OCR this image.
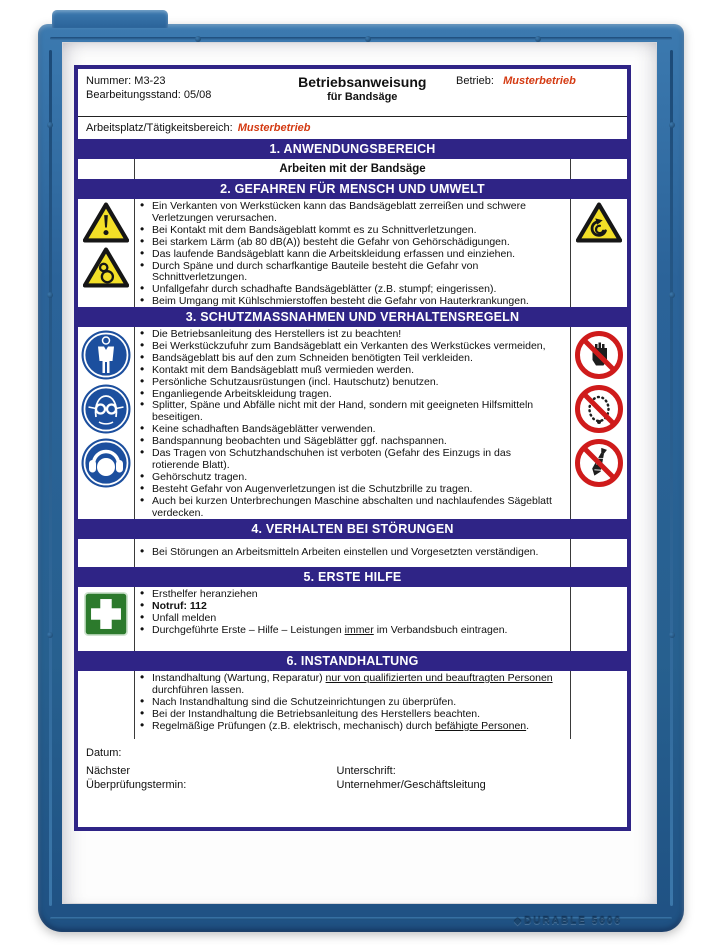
◆ DURABLE 5606
Nummer: M3-23
Bearbeitungsstand: 05/08
Betriebsanweisung
für Bandsäge
Betrieb: Musterbetrieb
Arbeitsplatz/Tätigkeitsbereich: Musterbetrieb
1. ANWENDUNGSBEREICH
Arbeiten mit der Bandsäge
2. GEFAHREN FÜR MENSCH UND UMWELT
• Ein Verkanten von Werkstücken kann das Bandsägeblatt zerreißen und schwere Verletzungen verursachen.
• Bei Kontakt mit dem Bandsägeblatt kommt es zu Schnittverletzungen.
• Bei starkem Lärm (ab 80 dB(A)) besteht die Gefahr von Gehörschädigungen.
• Das laufende Bandsägeblatt kann die Arbeitskleidung erfassen und einziehen.
• Durch Späne und durch scharfkantige Bauteile besteht die Gefahr von Schnittverletzungen.
• Unfallgefahr durch schadhafte Bandsägeblätter (z.B. stumpf; eingerissen).
• Beim Umgang mit Kühlschmierstoffen besteht die Gefahr von Hauterkrankungen.
3. SCHUTZMASSNAHMEN UND VERHALTENSREGELN
• Die Betriebsanleitung des Herstellers ist zu beachten!
• Bei Werkstückzufuhr zum Bandsägeblatt ein Verkanten des Werkstückes vermeiden,
• Bandsägeblatt bis auf den zum Schneiden benötigten Teil verkleiden.
• Kontakt mit dem Bandsägeblatt muß vermieden werden.
• Persönliche Schutzausrüstungen (incl. Hautschutz) benutzen.
• Enganliegende Arbeitskleidung tragen.
• Splitter, Späne und Abfälle nicht mit der Hand, sondern mit geeigneten Hilfsmitteln beseitigen.
• Keine schadhaften Bandsägeblätter verwenden.
• Bandspannung beobachten und Sägeblätter ggf. nachspannen.
• Das Tragen von Schutzhandschuhen ist verboten (Gefahr des Einzugs in das rotierende Blatt).
• Gehörschutz tragen.
• Besteht Gefahr von Augenverletzungen ist die Schutzbrille zu tragen.
• Auch bei kurzen Unterbrechungen Maschine abschalten und nachlaufendes Sägeblatt verdecken.
4. VERHALTEN BEI STÖRUNGEN
• Bei Störungen an Arbeitsmitteln Arbeiten einstellen und Vorgesetzten verständigen.
5. ERSTE HILFE
• Ersthelfer heranziehen
• Notruf: 112
• Unfall melden
• Durchgeführte Erste – Hilfe – Leistungen immer im Verbandsbuch eintragen.
6. INSTANDHALTUNG
• Instandhaltung (Wartung, Reparatur) nur von qualifizierten und beauftragten Personen durchführen lassen.
• Nach Instandhaltung sind die Schutzeinrichtungen zu überprüfen.
• Bei der Instandhaltung die Betriebsanleitung des Herstellers beachten.
• Regelmäßige Prüfungen (z.B. elektrisch, mechanisch) durch befähigte Personen.
Datum:
Nächster
Überprüfungstermin:
Unterschrift:
Unternehmer/Geschäftsleitung
